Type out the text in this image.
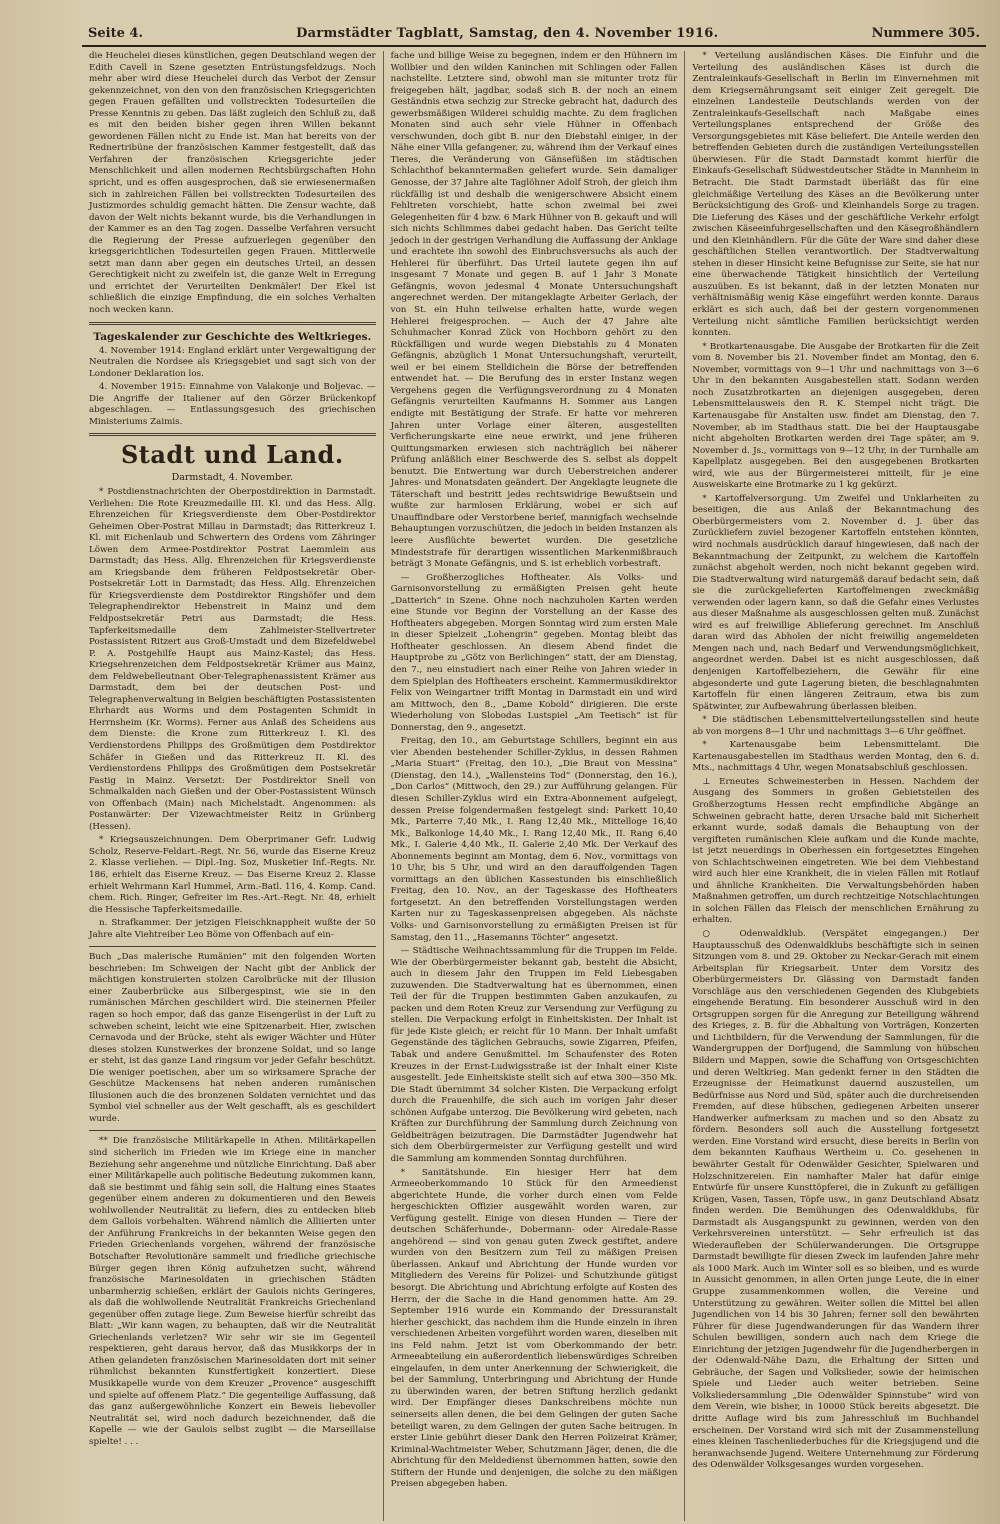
Seite 4.	Darmstädter Tagblatt, Samstag, den 4. November 1916.	Nummere 305.

die Heuchelei dieses künstlichen, gegen Deutschland wegen der Edith Cavell in Szene gesetzten Entrüstungsfeldzugs. Noch mehr aber wird diese Heuchelei durch das Verbot der Zensur gekennzeichnet, von den von den französischen Kriegsgerichten gegen Frauen gefällten und vollstreckten Todesurteilen die Presse Kenntnis zu geben. Das läßt zugleich den Schluß zu, daß es mit den beiden bisher gegen ihren Willen bekannt gewordenen Fällen nicht zu Ende ist. Man hat bereits von der Rednertribüne der französischen Kammer festgestellt, daß das Verfahren der französischen Kriegsgerichte jeder Menschlichkeit und allen modernen Rechtsbürgschaften Hohn spricht, und es offen ausgesprochen, daß sie erwiesenermaßen sich in zahlreichen Fällen bei vollstreckten Todesurteilen des Justizmordes schuldig gemacht hätten. Die Zensur wachte, daß davon der Welt nichts bekannt wurde, bis die Verhandlungen in der Kammer es an den Tag zogen. Dasselbe Verfahren versucht die Regierung der Presse aufzuerlegen gegenüber den kriegsgerichtlichen Todesurteilen gegen Frauen. Mittlerweile setzt man dann aber gegen ein deutsches Urteil, an dessen Gerechtigkeit nicht zu zweifeln ist, die ganze Welt in Erregung und errichtet der Verurteilten Denkmäler! Der Ekel ist schließlich die einzige Empfindung, die ein solches Verhalten noch wecken kann.

Tageskalender zur Geschichte des Weltkrieges.

4. November 1914: England erklärt unter Vergewaltigung der Neutralen die Nordsee als Kriegsgebiet und sagt sich von der Londoner Deklaration los.

4. November 1915: Einnahme von Valakonje und Boljevac. — Die Angriffe der Italiener auf den Görzer Brückenkopf abgeschlagen. — Entlassungsgesuch des griechischen Ministeriums Zaimis.

Stadt und Land.

Darmstadt, 4. November.

* Postdienstnachrichten der Oberpostdirektion in Darmstadt. Verliehen: Die Rote Kreuzmedaille III. Kl. und das Hess. Allg. Ehrenzeichen für Kriegsverdienste dem Ober-Postdirektor Geheimen Ober-Postrat Millau in Darmstadt; das Ritterkreuz I. Kl. mit Eichenlaub und Schwertern des Ordens vom Zähringer Löwen dem Armee-Postdirektor Postrat Laemmlein aus Darmstadt; das Hess. Allg. Ehrenzeichen für Kriegsverdienste am Kriegsbande dem früheren Feldpostsekretär Ober-Postsekretär Lott in Darmstadt; das Hess. Allg. Ehrenzeichen für Kriegsverdienste dem Postdirektor Ringshöfer und dem Telegraphendirektor Hebenstreit in Mainz und dem Feldpostsekretär Petri aus Darmstadt; die Hess. Tapferkeitsmedaille dem Zahlmeister-Stellvertreter Postassistent Ritzert aus Groß-Umstadt und dem Bizefeldwebel P. A. Postgehilfe Haupt aus Mainz-Kastel; das Hess. Kriegsehrenzeichen dem Feldpostsekretär Krämer aus Mainz, dem Feldwebelleutnant Ober-Telegraphenassistent Krämer aus Darmstadt, dem bei der deutschen Post- und Telegraphenverwaltung in Belgien beschäftigten Postassistenten Ehrhardt aus Worms und dem Postagenten Schmidt in Herrnsheim (Kr. Worms). Ferner aus Anlaß des Scheidens aus dem Dienste: die Krone zum Ritterkreuz I. Kl. des Verdienstordens Philipps des Großmütigen dem Postdirektor Schäfer in Gießen und das Ritterkreuz II. Kl. des Verdienstordens Philipps des Großmütigen dem Postsekretär Fastig in Mainz. Versetzt: Der Postdirektor Snell von Schmalkalden nach Gießen und der Ober-Postassistent Wünsch von Offenbach (Main) nach Michelstadt. Angenommen: als Postanwärter: Der Vizewachtmeister Reitz in Grünberg (Hessen).

* Kriegsauszeichnungen. Dem Oberprimaner Gefr. Ludwig Scholz, Reserve-Feldart.-Regt. Nr. 56, wurde das Eiserne Kreuz 2. Klasse verliehen. — Dipl.-Ing. Soz, Musketier Inf.-Regts. Nr. 186, erhielt das Eiserne Kreuz. — Das Eiserne Kreuz 2. Klasse erhielt Wehrmann Karl Hummel, Arm.-Batl. 116, 4. Komp. Cand. chem. Rich. Ringer, Gefreiter im Res.-Art.-Regt. Nr. 48, erhielt die Hessische Tapferkeitsmedaille.

n. Strafkammer. Der jetzigen Fleischknappheit wußte der 50 Jahre alte Viehtreiber Leo Böme von Offenbach auf ein-

Buch „Das malerische Rumänien“ mit den folgenden Worten beschrieben: Im Schweigen der Nacht gibt der Anblick der mächtigen konstruierten stolzen Carolbrücke mit der Illusion einer Zauberbrücke aus Silbergespinst, wie sie in den rumänischen Märchen geschildert wird. Die steinernen Pfeiler ragen so hoch empor, daß das ganze Eisengerüst in der Luft zu schweben scheint, leicht wie eine Spitzenarbeit. Hier, zwischen Cernavoda und der Brücke, steht als ewiger Wächter und Hüter dieses stolzen Kunstwerkes der bronzene Soldat, und so lange er steht, ist das ganze Land ringsum vor jeder Gefahr beschützt. Die weniger poetischen, aber um so wirksamere Sprache der Geschütze Mackensens hat neben anderen rumänischen Illusionen auch die des bronzenen Soldaten vernichtet und das Symbol viel schneller aus der Welt geschafft, als es geschildert wurde.

** Die französische Militärkapelle in Athen. Militärkapellen sind sicherlich im Frieden wie im Kriege eine in mancher Beziehung sehr angenehme und nützliche Einrichtung. Daß aber einer Militärkapelle auch politische Bedeutung zukommen kann, daß sie bestimmt und fähig sein soll, die Haltung eines Staates gegenüber einem anderen zu dokumentieren und den Beweis wohlwollender Neutralität zu liefern, dies zu entdecken blieb dem Gallois vorbehalten. Während nämlich die Alliierten unter der Anführung Frankreichs in der bekannten Weise gegen den Frieden Griechenlands vorgehen, während der französische Botschafter Revolutionäre sammelt und friedliche griechische Bürger gegen ihren König aufzuhetzen sucht, während französische Marinesoldaten in griechischen Städten unbarmherzig schießen, erklärt der Gaulois nichts Geringeres, als daß die wohlwollende Neutralität Frankreichs Griechenland gegenüber offen zutage liege. Zum Beweise hierfür schreibt das Blatt: „Wir kann wagen, zu behaupten, daß wir die Neutralität Griechenlands verletzen? Wir sehr wir sie im Gegenteil respektieren, geht daraus hervor, daß das Musikkorps der in Athen gelandeten französischen Marinesoldaten dort mit seiner rühmlichst bekannten Kunstfertigkeit konzertiert. Diese Musikkapelle wurde von dem Kreuzer „Provence“ ausgeschifft und spielte auf offenem Platz.“ Die gegenteilige Auffassung, daß das ganz außergewöhnliche Konzert ein Beweis liebevoller Neutralität sei, wird noch dadurch bezeichnender, daß die Kapelle — wie der Gaulois selbst zugibt — die Marseillaise spielte! . . .

fache und billige Weise zu begegnen, indem er den Hühnern im Wollbier und den wilden Kaninchen mit Schlingen oder Fallen nachstellte. Letztere sind, obwohl man sie mitunter trotz für freigegeben hält, jagdbar, sodaß sich B. der noch an einem Geständnis etwa sechzig zur Strecke gebracht hat, dadurch des gewerbsmäßigen Wilderei schuldig machte. Zu dem fraglichen Monaten sind auch sehr viele Hühner in Offenbach verschwunden, doch gibt B. nur den Diebstahl einiger, in der Nähe einer Villa gefangener, zu, während ihm der Verkauf eines Tieres, die Veränderung von Gänsefüßen im städtischen Schlachthof bekanntermaßen geliefert wurde. Sein damaliger Genosse, der 37 Jahre alte Taglöhner Adolf Stroh, der gleich ihm rückfällig ist und deshalb die wenigerschwere Absicht einem Fehltreten vorschiebt, hatte schon zweimal bei zwei Gelegenheiten für 4 bzw. 6 Mark Hühner von B. gekauft und will sich nichts Schlimmes dabei gedacht haben. Das Gericht teilte jedoch in der gestrigen Verhandlung die Auffassung der Anklage und erachtete ihn sowohl des Einbruchsversuchs als auch der Hehlerei für überführt. Das Urteil lautete gegen ihn auf insgesamt 7 Monate und gegen B. auf 1 Jahr 3 Monate Gefängnis, wovon jedesmal 4 Monate Untersuchungshaft angerechnet werden. Der mitangeklagte Arbeiter Gerlach, der von St. ein Huhn teilweise erhalten hatte, wurde wegen Hehlerei freigesprochen. — Auch der 47 Jahre alte Schuhmacher Konrad Zück von Hochborn gehört zu den Rückfälligen und wurde wegen Diebstahls zu 4 Monaten Gefängnis, abzüglich 1 Monat Untersuchungshaft, verurteilt, weil er bei einem Stelldichein die Börse der betreffenden entwendet hat. — Die Berufung des in erster Instanz wegen Vergehens gegen die Verfügungsverordnung zu 4 Monaten Gefängnis verurteilten Kaufmanns H. Sommer aus Langen endigte mit Bestätigung der Strafe. Er hatte vor mehreren Jahren unter Vorlage einer älteren, ausgestellten Verficherungskarte eine neue erwirkt, und jene früheren Quittungsmarken erwiesen sich nachträglich bei näherer Prüfung anläßlich einer Beschwerde des S. selbst als doppelt benutzt. Die Entwertung war durch Ueberstreichen anderer Jahres- und Monatsdaten geändert. Der Angeklagte leugnete die Täterschaft und bestritt jedes rechtswidrige Bewußtsein und wußte zur harmlosen Erklärung, wobei er sich auf Unauffindbare oder Verstorbene berief, mannigfach wechselnde Behauptungen vorzuschützen, die jedoch in beiden Instanzen als leere Ausflüchte bewertet wurden. Die gesetzliche Mindeststrafe für derartigen wissentlichen Markenmißbrauch beträgt 3 Monate Gefängnis, und S. ist erheblich vorbestraft.

— Großherzogliches Hoftheater. Als Volks- und Garnisonvorstellung zu ermäßigten Preisen geht heute „Datterich“ in Szene. Ohne noch nachzuholen Karten werden eine Stunde vor Beginn der Vorstellung an der Kasse des Hoftheaters abgegeben. Morgen Sonntag wird zum ersten Male in dieser Spielzeit „Lohengrin“ gegeben. Montag bleibt das Hoftheater geschlossen. An diesem Abend findet die Hauptprobe zu „Götz von Berlichingen“ statt, der am Dienstag, den 7., neu einstudiert nach einer Reihe von Jahren wieder in dem Spielplan des Hoftheaters erscheint. Kammermusikdirektor Felix von Weingartner trifft Montag in Darmstadt ein und wird am Mittwoch, den 8., „Dame Kobold“ dirigieren. Die erste Wiederholung von Slobodas Lustspiel „Am Teetisch“ ist für Donnerstag, den 9., angesetzt.

Freitag, den 10., am Geburtstage Schillers, beginnt ein aus vier Abenden bestehender Schiller-Zyklus, in dessen Rahmen „Maria Stuart“ (Freitag, den 10.), „Die Braut von Messina“ (Dienstag, den 14.), „Wallensteins Tod“ (Donnerstag, den 16.), „Don Carlos“ (Mittwoch, den 29.) zur Aufführung gelangen. Für diesen Schiller-Zyklus wird ein Extra-Abonnement aufgelegt, dessen Preise folgendermaßen festgelegt sind: Parkett 10,40 Mk., Parterre 7,40 Mk., I. Rang 12,40 Mk., Mittelloge 16,40 Mk., Balkonloge 14,40 Mk., I. Rang 12,40 Mk., II. Rang 6,40 Mk., I. Galerie 4,40 Mk., II. Galerie 2,40 Mk. Der Verkauf des Abonnements beginnt am Montag, dem 6. Nov., vormittags von 10 Uhr, bis 5 Uhr, und wird an den darauffolgenden Tagen vormittags an den üblichen Kassestunden bis einschließlich Freitag, den 10. Nov., an der Tageskasse des Hoftheaters fortgesetzt. An den betreffenden Vorstellungstagen werden Karten nur zu Tageskassenpreisen abgegeben. Als nächste Volks- und Garnisonvorstellung zu ermäßigten Preisen ist für Samstag, den 11., „Hasemanns Töchter“ angesetzt.

— Städtische Weihnachtssammlung für die Truppen im Felde. Wie der Oberbürgermeister bekannt gab, besteht die Absicht, auch in diesem Jahr den Truppen im Feld Liebesgaben zuzuwenden. Die Stadtverwaltung hat es übernommen, einen Teil der für die Truppen bestimmten Gaben anzukaufen, zu packen und dem Roten Kreuz zur Versendung zur Verfügung zu stellen. Die Verpackung erfolgt in Einheitskisten. Der Inhalt ist für jede Kiste gleich; er reicht für 10 Mann. Der Inhalt umfaßt Gegenstände des täglichen Gebrauchs, sowie Zigarren, Pfeifen, Tabak und andere Genußmittel. Im Schaufenster des Roten Kreuzes in der Ernst-Ludwigsstraße ist der Inhalt einer Kiste ausgestellt. Jede Einheitskiste stellt sich auf etwa 300—350 Mk. Die Stadt übernimmt 34 solcher Kisten. Die Verpackung erfolgt durch die Frauenhilfe, die sich auch im vorigen Jahr dieser schönen Aufgabe unterzog. Die Bevölkerung wird gebeten, nach Kräften zur Durchführung der Sammlung durch Zeichnung von Geldbeiträgen beizutragen. Die Darmstädter Jugendwehr hat sich dem Oberbürgermeister zur Verfügung gestellt und wird die Sammlung am kommenden Sonntag durchführen.

* Sanitätshunde. Ein hiesiger Herr hat dem Armeeoberkommando 10 Stück für den Armeedienst abgerichtete Hunde, die vorher durch einen vom Felde hergeschickten Offizier ausgewählt worden waren, zur Verfügung gestellt. Einige von diesen Hunden — Tiere der deutschen Schäferhunde-, Dobermann- oder Airedale-Rasse angehörend — sind von genau guten Zweck gestiftet, andere wurden von den Besitzern zum Teil zu mäßigen Preisen überlassen. Ankauf und Abrichtung der Hunde wurden vor Mitgliedern des Vereins für Polizei- und Schutzhunde gütigst besorgt. Die Abrichtung und Abrichtung erfolgte auf Kosten des Herrn, der die Sache in die Hand genommen hatte. Am 29. September 1916 wurde ein Kommando der Dressuranstalt hierher geschickt, das nachdem ihm die Hunde einzeln in ihren verschiedenen Arbeiten vorgeführt worden waren, dieselben mit ins Feld nahm. Jetzt ist vom Oberkommando der betr. Armeeabteilung ein außerordentlich liebenswürdiges Schreiben eingelaufen, in dem unter Anerkennung der Schwierigkeit, die bei der Sammlung, Unterbringung und Abrichtung der Hunde zu überwinden waren, der betren Stiftung herzlich gedankt wird. Der Empfänger dieses Dankschreibens möchte nun seinerseits allen denen, die bei dem Gelingen der guten Sache beteiligt waren, zu dem Gelingen der guten Sache beitrugen. In erster Linie gebührt dieser Dank den Herren Polizeirat Krämer, Kriminal-Wachtmeister Weber, Schutzmann Jäger, denen, die die Abrichtung für den Meldedienst übernommen hatten, sowie den Stiftern der Hunde und denjenigen, die solche zu den mäßigen Preisen abgegeben haben.

* Verteilung ausländischen Käses. Die Einfuhr und die Verteilung des ausländischen Käses ist durch die Zentraleinkaufs-Gesellschaft in Berlin im Einvernehmen mit dem Kriegsernährungsamt seit einiger Zeit geregelt. Die einzelnen Landesteile Deutschlands werden von der Zentraleinkaufs-Gesellschaft nach Maßgabe eines Verteilungsplanes entsprechend der Größe des Versorgungsgebietes mit Käse beliefert. Die Anteile werden den betreffenden Gebieten durch die zuständigen Verteilungsstellen überwiesen. Für die Stadt Darmstadt kommt hierfür die Einkaufs-Gesellschaft Südwestdeutscher Städte in Mannheim in Betracht. Die Stadt Darmstadt überläßt das für eine gleichmäßige Verteilung des Käses an die Bevölkerung unter Berücksichtigung des Groß- und Kleinhandels Sorge zu tragen. Die Lieferung des Käses und der geschäftliche Verkehr erfolgt zwischen Käseeinfuhrgesellschaften und den Käsegroßhändlern und den Kleinhändlern. Für die Güte der Ware sind daher diese geschäftlichen Stellen verantwortlich. Der Stadtverwaltung stehen in dieser Hinsicht keine Befugnisse zur Seite, sie hat nur eine überwachende Tätigkeit hinsichtlich der Verteilung auszuüben. Es ist bekannt, daß in der letzten Monaten nur verhältnismäßig wenig Käse eingeführt werden konnte. Daraus erklärt es sich auch, daß bei der gestern vorgenommenen Verteilung nicht sämtliche Familien berücksichtigt werden konnten.

* Brotkartenausgabe. Die Ausgabe der Brotkarten für die Zeit vom 8. November bis 21. November findet am Montag, den 6. November, vormittags von 9—1 Uhr und nachmittags von 3—6 Uhr in den bekannten Ausgabestellen statt. Sodann werden noch Zusatzbrotkarten an diejenigen ausgegeben, deren Lebensmittelausweis den R. K. Stempel nicht trägt. Die Kartenausgabe für Anstalten usw. findet am Dienstag, den 7. November, ab im Stadthaus statt. Die bei der Hauptausgabe nicht abgeholten Brotkarten werden drei Tage später, am 9. November d. Js., vormittags von 9—12 Uhr, in der Turnhalle am Kapellplatz ausgegeben. Bei den ausgegebenen Brotkarten wird, wie aus der Bürgermeisterei mitteilt, für je eine Ausweiskarte eine Brotmarke zu 1 kg gekürzt.

* Kartoffelversorgung. Um Zweifel und Unklarheiten zu beseitigen, die aus Anlaß der Bekanntmachung des Oberbürgermeisters vom 2. November d. J. über das Zurückliefern zuviel bezogener Kartoffeln entstehen könnten, wird nochmals ausdrücklich darauf hingewiesen, daß nach der Bekanntmachung der Zeitpunkt, zu welchem die Kartoffeln zunächst abgeholt werden, noch nicht bekannt gegeben wird. Die Stadtverwaltung wird naturgemäß darauf bedacht sein, daß sie die zurückgelieferten Kartoffelmengen zweckmäßig verwenden oder lagern kann, so daß die Gefahr eines Verlustes aus dieser Maßnahme als ausgeschlossen gelten muß. Zunächst wird es auf freiwillige Ablieferung gerechnet. Im Anschluß daran wird das Abholen der nicht freiwillig angemeldeten Mengen nach und, nach Bedarf und Verwendungsmöglichkeit, angeordnet werden. Dabei ist es nicht ausgeschlossen, daß denjenigen Kartoffelbeziehern, die Gewähr für eine abgesonderte und gute Lagerung bieten, die beschlagnahmten Kartoffeln für einen längeren Zeitraum, etwa bis zum Spätwinter, zur Aufbewahrung überlassen bleiben.

* Die städtischen Lebensmittelverteilungsstellen sind heute ab von morgens 8—1 Uhr und nachmittags 3—6 Uhr geöffnet.

* Kartenausgabe beim Lebensmittelamt. Die Kartenausgabestellen im Stadthaus werden Montag, den 6. d. Mts., nachmittags 4 Uhr, wegen Monatsabschluß geschlossen.

⊥ Erneutes Schweinesterben in Hessen. Nachdem der Ausgang des Sommers in großen Gebietsteilen des Großherzogtums Hessen recht empfindliche Abgänge an Schweinen gebracht hatte, deren Ursache bald mit Sicherheit erkannt wurde, sodaß damals die Behauptung von der vergifteten rumänischen Kleie aufkam und die Kunde machte, ist jetzt neuerdings in Oberhessen ein fortgesetztes Eingehen von Schlachtschweinen eingetreten. Wie bei dem Viehbestand wird auch hier eine Krankheit, die in vielen Fällen mit Rotlauf und ähnliche Krankheiten. Die Verwaltungsbehörden haben Maßnahmen getroffen, um durch rechtzeitige Notschlachtungen in solchen Fällen das Fleisch der menschlichen Ernährung zu erhalten.

○ Odenwaldklub. (Verspätet eingegangen.) Der Hauptausschuß des Odenwaldklubs beschäftigte sich in seinen Sitzungen vom 8. und 29. Oktober zu Neckar-Gerach mit einem Arbeitsplan für Kriegsarbeit. Unter dem Vorsitz des Oberbürgermeisters Dr. Glässing von Darmstadt fanden Vorschläge aus den verschiedenen Gegenden des Klubgebiets eingehende Beratung. Ein besonderer Ausschuß wird in den Ortsgruppen sorgen für die Anregung zur Beteiligung während des Krieges, z. B. für die Abhaltung von Vorträgen, Konzerten und Lichtbildern, für die Verwendung der Sammlungen, für die Wandergruppen der Dorfjugend, die Sammlung von hübschen Bildern und Mappen, sowie die Schaffung von Ortsgeschichten und deren Weltkrieg. Man gedenkt ferner in den Städten die Erzeugnisse der Heimatkunst dauernd auszustellen, um Bedürfnisse aus Nord und Süd, später auch die durchreisenden Fremden, auf diese hübschen, gediegenen Arbeiten unserer Handwerker aufmerksam zu machen und so den Absatz zu fördern. Besonders soll auch die Ausstellung fortgesetzt werden. Eine Vorstand wird ersucht, diese bereits in Berlin von dem bekannten Kaufhaus Wertheim u. Co. gesehenen in bewährter Gestalt für Odenwälder Gesichter, Spielwaren und Holzschnitzereien. Ein namhafter Maler hat dafür einige Entwürfe für unsere Kunsttöpferei, die in Zukunft zu gefälligen Krügen, Vasen, Tassen, Töpfe usw., in ganz Deutschland Absatz finden werden. Die Bemühungen des Odenwaldklubs, für Darmstadt als Ausgangspunkt zu gewinnen, werden von den Verkehrsvereinen unterstützt. — Sehr erfreulich ist das Wiederaufleben der Schülerwanderungen. Die Ortsgruppe Darmstadt bewilligte für diesen Zweck im laufenden Jahre mehr als 1000 Mark. Auch im Winter soll es so bleiben, und es wurde in Aussicht genommen, in allen Orten junge Leute, die in einer Gruppe zusammenkommen wollen, die Vereine und Unterstützung zu gewähren. Weiter sollen die Mittel bei allen Jugendlichen von 14 bis 30 Jahren; ferner soll den bewährten Führer für diese Jugendwanderungen für das Wandern ihrer Schulen bewilligen, sondern auch nach dem Kriege die Einrichtung der jetzigen Jugendwehr für die Jugendherbergen in der Odenwald-Nähe Dazu, die Erhaltung der Sitten und Gebräuche, der Sagen und Volkslieder, sowie der heimischen Spiele und Lieder auch weiter betrieben. Seine Volksliedersammlung „Die Odenwälder Spinnstube“ wird von dem Verein, wie bisher, in 10000 Stück bereits abgesetzt. Die dritte Auflage wird bis zum Jahresschluß im Buchhandel erscheinen. Der Vorstand wird sich mit der Zusammenstellung eines kleinen Taschenliederbuches für die Kriegsjugend und die heranwachsende Jugend. Weitere Unternehmung zur Förderung des Odenwälder Volksgesanges wurden vorgesehen.
